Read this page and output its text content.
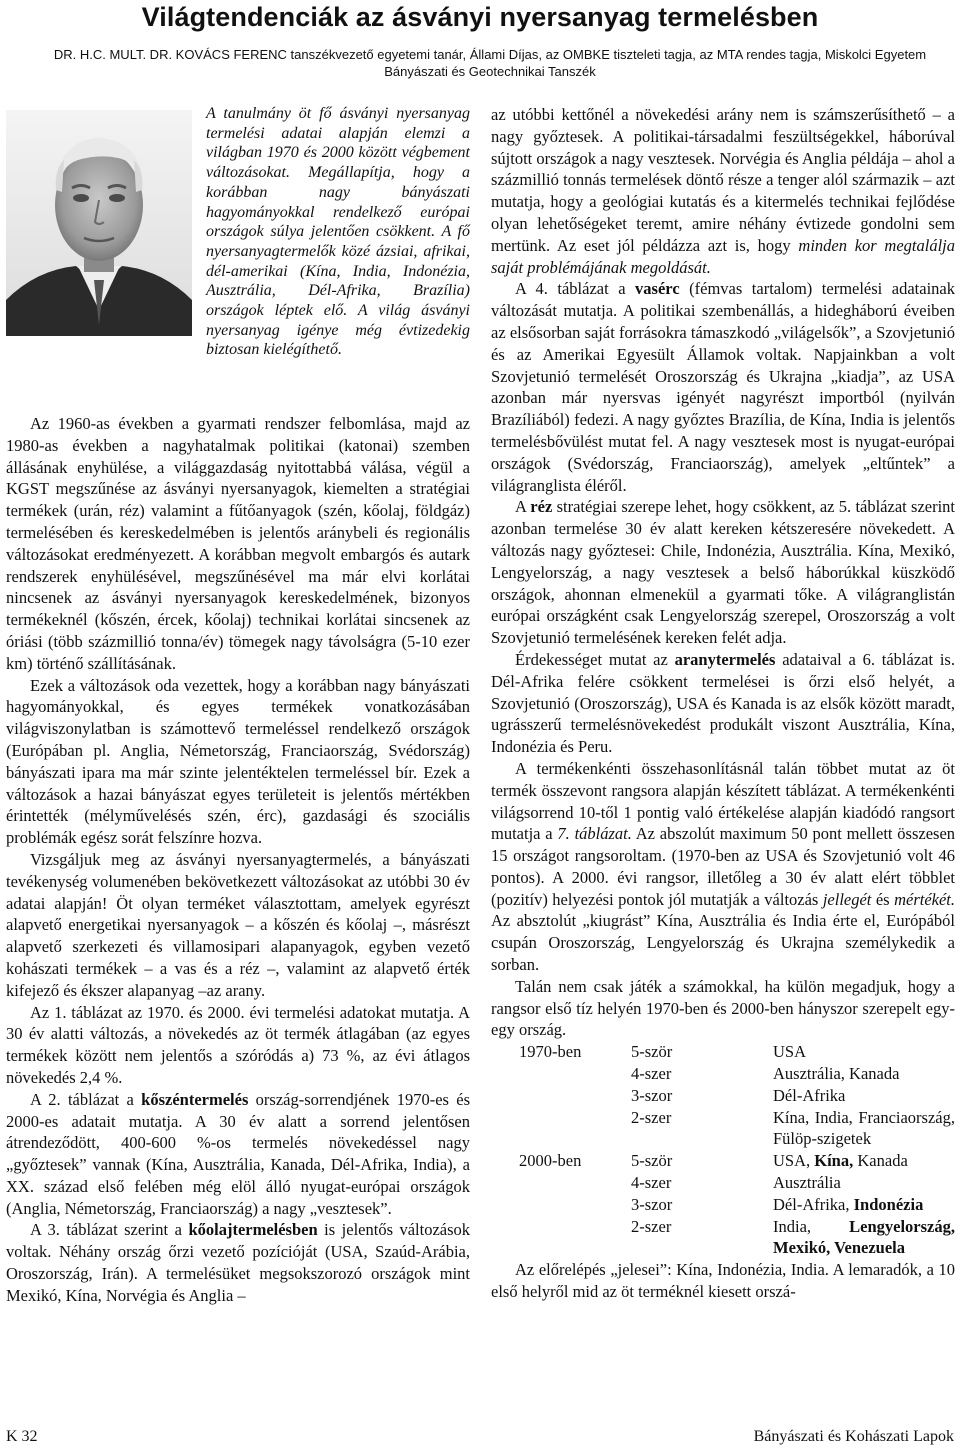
Világtendenciák az ásványi nyersanyag termelésben
DR. H.C. MULT. DR. KOVÁCS FERENC tanszékvezető egyetemi tanár, Állami Díjas, az OMBKE tiszteleti tagja, az MTA rendes tagja, Miskolci Egyetem Bányászati és Geotechnikai Tanszék

A tanulmány öt fő ásványi nyersanyag termelési adatai alapján elemzi a világban 1970 és 2000 között végbement változásokat. Megállapítja, hogy a korábban nagy bányászati hagyományokkal rendelkező európai országok súlya jelentően csökkent. A fő nyersanyagtermelők közé ázsiai, afrikai, dél-amerikai (Kína, India, Indonézia, Ausztrália, Dél-Afrika, Brazília) országok léptek elő. A világ ásványi nyersanyag igénye még évtizedekig biztosan kielégíthető.

Az 1960-as években a gyarmati rendszer felbomlása, majd az 1980-as években a nagyhatalmak politikai (katonai) szemben állásának enyhülése, a világgazdaság nyitottabbá válása, végül a KGST megszűnése az ásványi nyersanyagok, kiemelten a stratégiai termékek (urán, réz) valamint a fűtőanyagok (szén, kőolaj, földgáz) termelésében és kereskedelmében is jelentős aránybeli és regionális változásokat eredményezett. A korábban megvolt embargós és autark rendszerek enyhülésével, megszűnésével ma már elvi korlátai nincsenek az ásványi nyersanyagok kereskedelmének, bizonyos termékeknél (kőszén, ércek, kőolaj) technikai korlátai sincsenek az óriási (több százmillió tonna/év) tömegek nagy távolságra (5-10 ezer km) történő szállításának.

Ezek a változások oda vezettek, hogy a korábban nagy bányászati hagyományokkal, és egyes termékek vonatkozásában világviszonylatban is számottevő termeléssel rendelkező országok (Európában pl. Anglia, Németország, Franciaország, Svédország) bányászati ipara ma már szinte jelentéktelen termeléssel bír. Ezek a változások a hazai bányászat egyes területeit is jelentős mértékben érintették (mélyművelésés szén, érc), gazdasági és szociális problémák egész sorát felszínre hozva.

Vizsgáljuk meg az ásványi nyersanyagtermelés, a bányászati tevékenység volumenében bekövetkezett változásokat az utóbbi 30 év adatai alapján! Öt olyan terméket választottam, amelyek egyrészt alapvető energetikai nyersanyagok – a kőszén és kőolaj –, másrészt alapvető szerkezeti és villamosipari alapanyagok, egyben vezető kohászati termékek – a vas és a réz –, valamint az alapvető érték kifejező és ékszer alapanyag –az arany.

Az 1. táblázat az 1970. és 2000. évi termelési adatokat mutatja. A 30 év alatti változás, a növekedés az öt termék átlagában (az egyes termékek között nem jelentős a szóródás a) 73 %, az évi átlagos növekedés 2,4 %.

A 2. táblázat a kőszéntermelés ország-sorrendjének 1970-es és 2000-es adatait mutatja. A 30 év alatt a sorrend jelentősen átrendeződött, 400-600 %-os termelés növekedéssel nagy „győztesek” vannak (Kína, Ausztrália, Kanada, Dél-Afrika, India), a XX. század első felében még elöl álló nyugat-európai országok (Anglia, Németország, Franciaország) a nagy „vesztesek”.

A 3. táblázat szerint a kőolajtermelésben is jelentős változások voltak. Néhány ország őrzi vezető pozícióját (USA, Szaúd-Arábia, Oroszország, Irán). A termelésüket megsokszorozó országok mint Mexikó, Kína, Norvégia és Anglia –

az utóbbi kettőnél a növekedési arány nem is számszerűsíthető – a nagy győztesek. A politikai-társadalmi feszültségekkel, háborúval sújtott országok a nagy vesztesek. Norvégia és Anglia példája – ahol a százmillió tonnás termelések döntő része a tenger alól származik – azt mutatja, hogy a geológiai kutatás és a kitermelés technikai fejlődése olyan lehetőségeket teremt, amire néhány évtizede gondolni sem mertünk. Az eset jól példázza azt is, hogy minden kor megtalálja saját problémájának megoldását.

A 4. táblázat a vasérc (fémvas tartalom) termelési adatainak változását mutatja. A politikai szembenállás, a hidegháború éveiben az elsősorban saját forrásokra támaszkodó „világelsők”, a Szovjetunió és az Amerikai Egyesült Államok voltak. Napjainkban a volt Szovjetunió termelését Oroszország és Ukrajna „kiadja”, az USA azonban már nyersvas igényét nagyrészt importból (nyilván Brazíliából) fedezi. A nagy győztes Brazília, de Kína, India is jelentős termelésbővülést mutat fel. A nagy vesztesek most is nyugat-európai országok (Svédország, Franciaország), amelyek „eltűntek” a világranglista éléről.

A réz stratégiai szerepe lehet, hogy csökkent, az 5. táblázat szerint azonban termelése 30 év alatt kereken kétszeresére növekedett. A változás nagy győztesei: Chile, Indonézia, Ausztrália. Kína, Mexikó, Lengyelország, a nagy vesztesek a belső háborúkkal küszködő országok, ahonnan elmenekül a gyarmati tőke. A világranglistán európai országként csak Lengyelország szerepel, Oroszország a volt Szovjetunió termelésének kereken felét adja.

Érdekességet mutat az aranytermelés adataival a 6. táblázat is. Dél-Afrika felére csökkent termelései is őrzi első helyét, a Szovjetunió (Oroszország), USA és Kanada is az elsők között maradt, ugrásszerű termelésnövekedést produkált viszont Ausztrália, Kína, Indonézia és Peru.

A termékenkénti összehasonlításnál talán többet mutat az öt termék összevont rangsora alapján készített táblázat. A termékenkénti világsorrend 10-től 1 pontig való értékelése alapján kiadódó rangsort mutatja a 7. táblázat. Az abszolút maximum 50 pont mellett összesen 15 országot rangsoroltam. (1970-ben az USA és Szovjetunió volt 46 pontos). A 2000. évi rangsor, illetőleg a 30 év alatt elért többlet (pozitív) helyezési pontok jól mutatják a változás jellegét és mértékét. Az absztolút „kiugrást” Kína, Ausztrália és India érte el, Európából csupán Oroszország, Lengyelország és Ukrajna személykedik a sorban.

Talán nem csak játék a számokkal, ha külön megadjuk, hogy a rangsor első tíz helyén 1970-ben és 2000-ben hányszor szerepelt egy-egy ország.

1970-ben	5-ször	USA
	4-szer	Ausztrália, Kanada
	3-szor	Dél-Afrika
	2-szer	Kína, India, Franciaország, Fülöp-szigetek
2000-ben	5-ször	USA, Kína, Kanada
	4-szer	Ausztrália
	3-szor	Dél-Afrika, Indonézia
	2-szer	India, Lengyelország, Mexikó, Venezuela

Az előrelépés „jelesei”: Kína, Indonézia, India. A lemaradók, a 10 első helyről mid az öt terméknél kiesett orszá-

K 32	Bányászati és Kohászati Lapok
